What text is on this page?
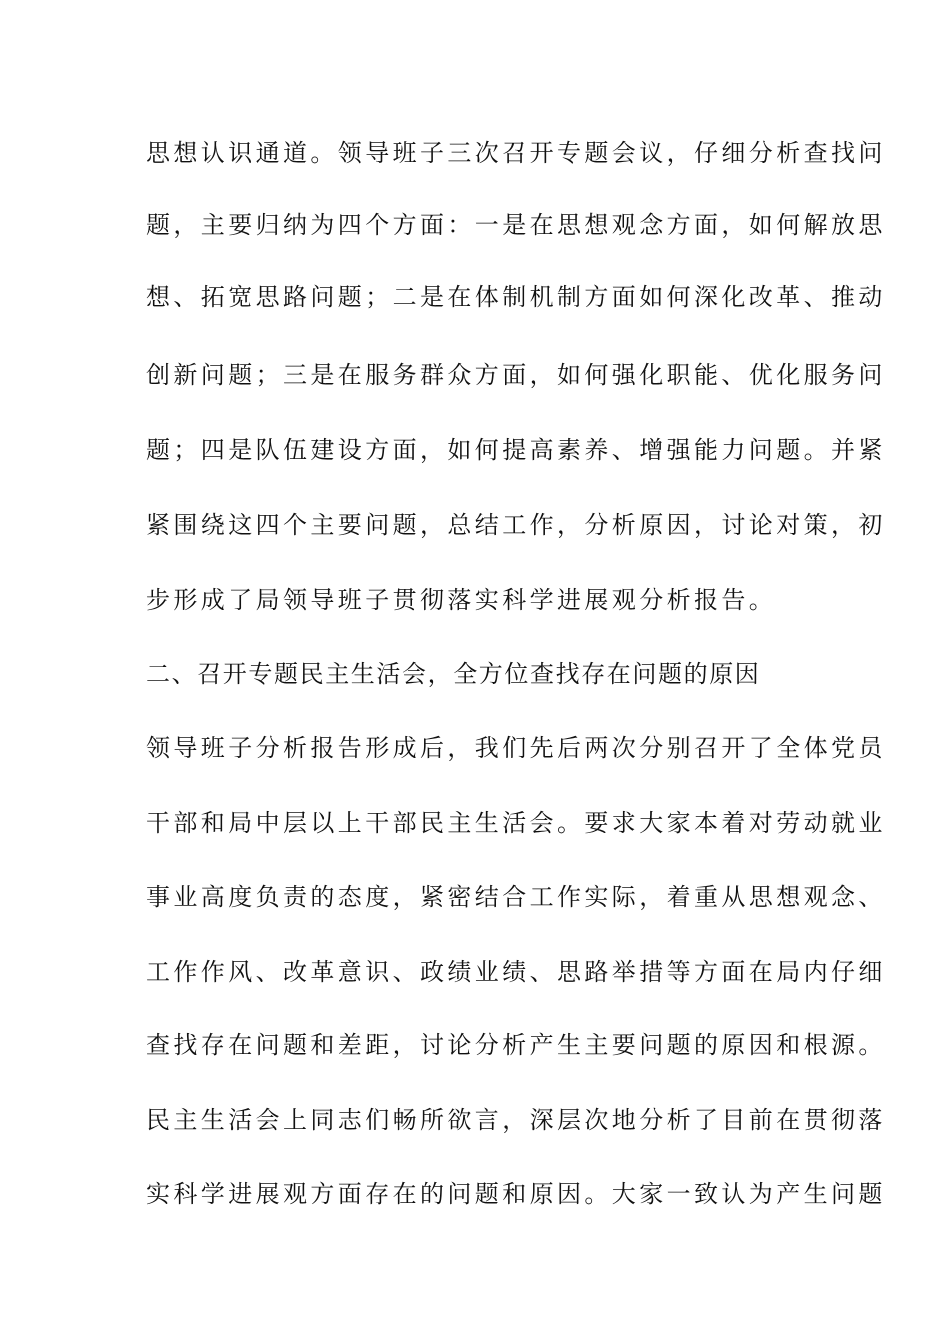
思想认识通道。领导班子三次召开专题会议，仔细分析查找问
题，主要归纳为四个方面：一是在思想观念方面，如何解放思
想、拓宽思路问题；二是在体制机制方面如何深化改革、推动
创新问题；三是在服务群众方面，如何强化职能、优化服务问
题；四是队伍建设方面，如何提高素养、增强能力问题。并紧
紧围绕这四个主要问题，总结工作，分析原因，讨论对策，初
步形成了局领导班子贯彻落实科学进展观分析报告。
二、召开专题民主生活会，全方位查找存在问题的原因
领导班子分析报告形成后，我们先后两次分别召开了全体党员
干部和局中层以上干部民主生活会。要求大家本着对劳动就业
事业高度负责的态度，紧密结合工作实际，着重从思想观念、
工作作风、改革意识、政绩业绩、思路举措等方面在局内仔细
查找存在问题和差距，讨论分析产生主要问题的原因和根源。
民主生活会上同志们畅所欲言，深层次地分析了目前在贯彻落
实科学进展观方面存在的问题和原因。大家一致认为产生问题
